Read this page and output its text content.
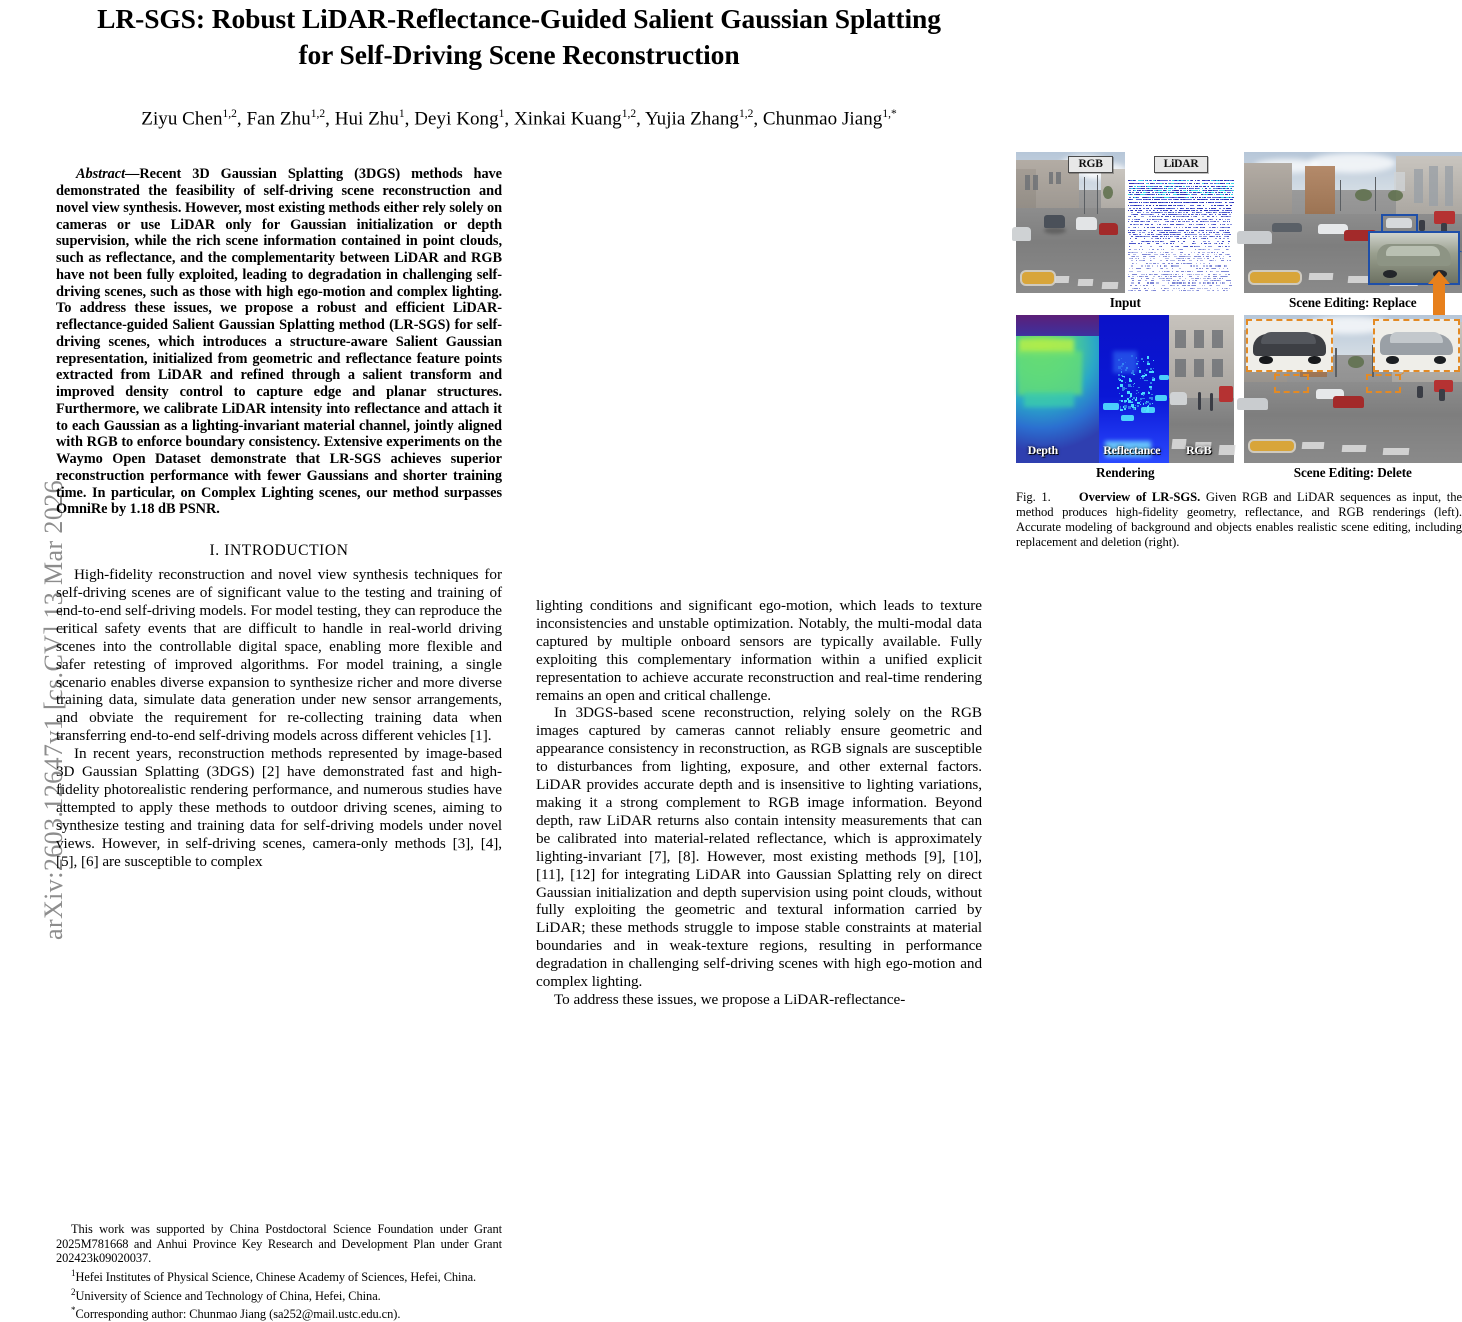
arXiv:2603.12647v1 [cs.CV] 13 Mar 2026
LR-SGS: Robust LiDAR-Reflectance-Guided Salient Gaussian Splatting
for Self-Driving Scene Reconstruction
Ziyu Chen$^{1,2}$, Fan Zhu$^{1,2}$, Hui Zhu$^1$, Deyi Kong$^1$, Xinkai Kuang$^{1,2}$, Yujia Zhang$^{1,2}$, Chunmao Jiang$^{1,*}$

Abstract—Recent 3D Gaussian Splatting (3DGS) methods have demonstrated the feasibility of self-driving scene reconstruction and novel view synthesis. However, most existing methods either rely solely on cameras or use LiDAR only for Gaussian initialization or depth supervision, while the rich scene information contained in point clouds, such as reflectance, and the complementarity between LiDAR and RGB have not been fully exploited, leading to degradation in challenging self-driving scenes, such as those with high ego-motion and complex lighting. To address these issues, we propose a robust and efficient LiDAR-reflectance-guided Salient Gaussian Splatting method (LR-SGS) for self-driving scenes, which introduces a structure-aware Salient Gaussian representation, initialized from geometric and reflectance feature points extracted from LiDAR and refined through a salient transform and improved density control to capture edge and planar structures. Furthermore, we calibrate LiDAR intensity into reflectance and attach it to each Gaussian as a lighting-invariant material channel, jointly aligned with RGB to enforce boundary consistency. Extensive experiments on the Waymo Open Dataset demonstrate that LR-SGS achieves superior reconstruction performance with fewer Gaussians and shorter training time. In particular, on Complex Lighting scenes, our method surpasses OmniRe by 1.18 dB PSNR.

I. INTRODUCTION

High-fidelity reconstruction and novel view synthesis techniques for self-driving scenes are of significant value to the testing and training of end-to-end self-driving models. For model testing, they can reproduce the critical safety events that are difficult to handle in real-world driving scenes into the controllable digital space, enabling more flexible and safer retesting of improved algorithms. For model training, a single scenario enables diverse expansion to synthesize richer and more diverse training data, simulate data generation under new sensor arrangements, and obviate the requirement for re-collecting training data when transferring end-to-end self-driving models across different vehicles [1].

In recent years, reconstruction methods represented by image-based 3D Gaussian Splatting (3DGS) [2] have demonstrated fast and high-fidelity photorealistic rendering performance, and numerous studies have attempted to apply these methods to outdoor driving scenes, aiming to synthesize testing and training data for self-driving models under novel views. However, in self-driving scenes, camera-only methods [3], [4], [5], [6] are susceptible to complex

RGB	LiDAR
Input	Scene Editing: Replace
Depth	Reflectance RGB
Rendering	Scene Editing: Delete
Fig. 1. Overview of LR-SGS. Given RGB and LiDAR sequences as input, the method produces high-fidelity geometry, reflectance, and RGB renderings (left). Accurate modeling of background and objects enables realistic scene editing, including replacement and deletion (right).

lighting conditions and significant ego-motion, which leads to texture inconsistencies and unstable optimization. Notably, the multi-modal data captured by multiple onboard sensors are typically available. Fully exploiting this complementary information within a unified explicit representation to achieve accurate reconstruction and real-time rendering remains an open and critical challenge.

In 3DGS-based scene reconstruction, relying solely on the RGB images captured by cameras cannot reliably ensure geometric and appearance consistency in reconstruction, as RGB signals are susceptible to disturbances from lighting, exposure, and other external factors. LiDAR provides accurate depth and is insensitive to lighting variations, making it a strong complement to RGB image information. Beyond depth, raw LiDAR returns also contain intensity measurements that can be calibrated into material-related reflectance, which is approximately lighting-invariant [7], [8]. However, most existing methods [9], [10], [11], [12] for integrating LiDAR into Gaussian Splatting rely on direct Gaussian initialization and depth supervision using point clouds, without fully exploiting the geometric and textural information carried by LiDAR; these methods struggle to impose stable constraints at material boundaries and in weak-texture regions, resulting in performance degradation in challenging self-driving scenes with high ego-motion and complex lighting.

To address these issues, we propose a LiDAR-reflectance-

This work was supported by China Postdoctoral Science Foundation under Grant 2025M781668 and Anhui Province Key Research and Development Plan under Grant 202423k09020037.

$^1$Hefei Institutes of Physical Science, Chinese Academy of Sciences, Hefei, China.

$^2$University of Science and Technology of China, Hefei, China.

*Corresponding author: Chunmao Jiang (sa252@mail.ustc.edu.cn).
